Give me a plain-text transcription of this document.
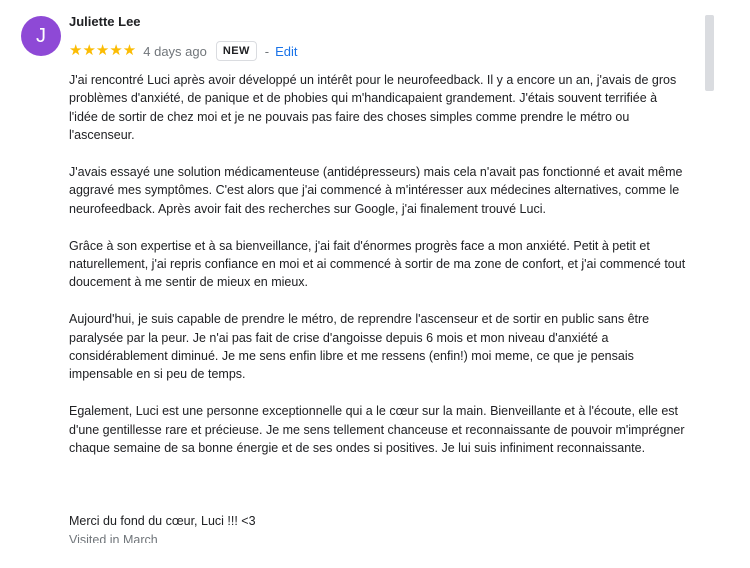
J
Juliette Lee
★★★★★ 4 days ago	NEW	- Edit

J'ai rencontré Luci après avoir développé un intérêt pour le neurofeedback. Il y a encore un an, j'avais de gros problèmes d'anxiété, de panique et de phobies qui m'handicapaient grandement. J'étais souvent terrifiée à l'idée de sortir de chez moi et je ne pouvais pas faire des choses simples comme prendre le métro ou l'ascenseur.

J'avais essayé une solution médicamenteuse (antidépresseurs) mais cela n'avait pas fonctionné et avait même aggravé mes symptômes. C'est alors que j'ai commencé à m'intéresser aux médecines alternatives, comme le neurofeedback. Après avoir fait des recherches sur Google, j'ai finalement trouvé Luci.

Grâce à son expertise et à sa bienveillance, j'ai fait d'énormes progrès face a mon anxiété. Petit à petit et naturellement, j'ai repris confiance en moi et ai commencé à sortir de ma zone de confort, et j'ai commencé tout doucement à me sentir de mieux en mieux.

Aujourd'hui, je suis capable de prendre le métro, de reprendre l'ascenseur et de sortir en public sans être paralysée par la peur. Je n'ai pas fait de crise d'angoisse depuis 6 mois et mon niveau d'anxiété a considérablement diminué. Je me sens enfin libre et me ressens (enfin!) moi meme, ce que je pensais impensable en si peu de temps.

Egalement, Luci est une personne exceptionnelle qui a le cœur sur la main. Bienveillante et à l'écoute, elle est d'une gentillesse rare et précieuse. Je me sens tellement chanceuse et reconnaissante de pouvoir m'imprégner chaque semaine de sa bonne énergie et de ses ondes si positives. Je lui suis infiniment reconnaissante.

Merci du fond du cœur, Luci !!! <3
Visited in March
